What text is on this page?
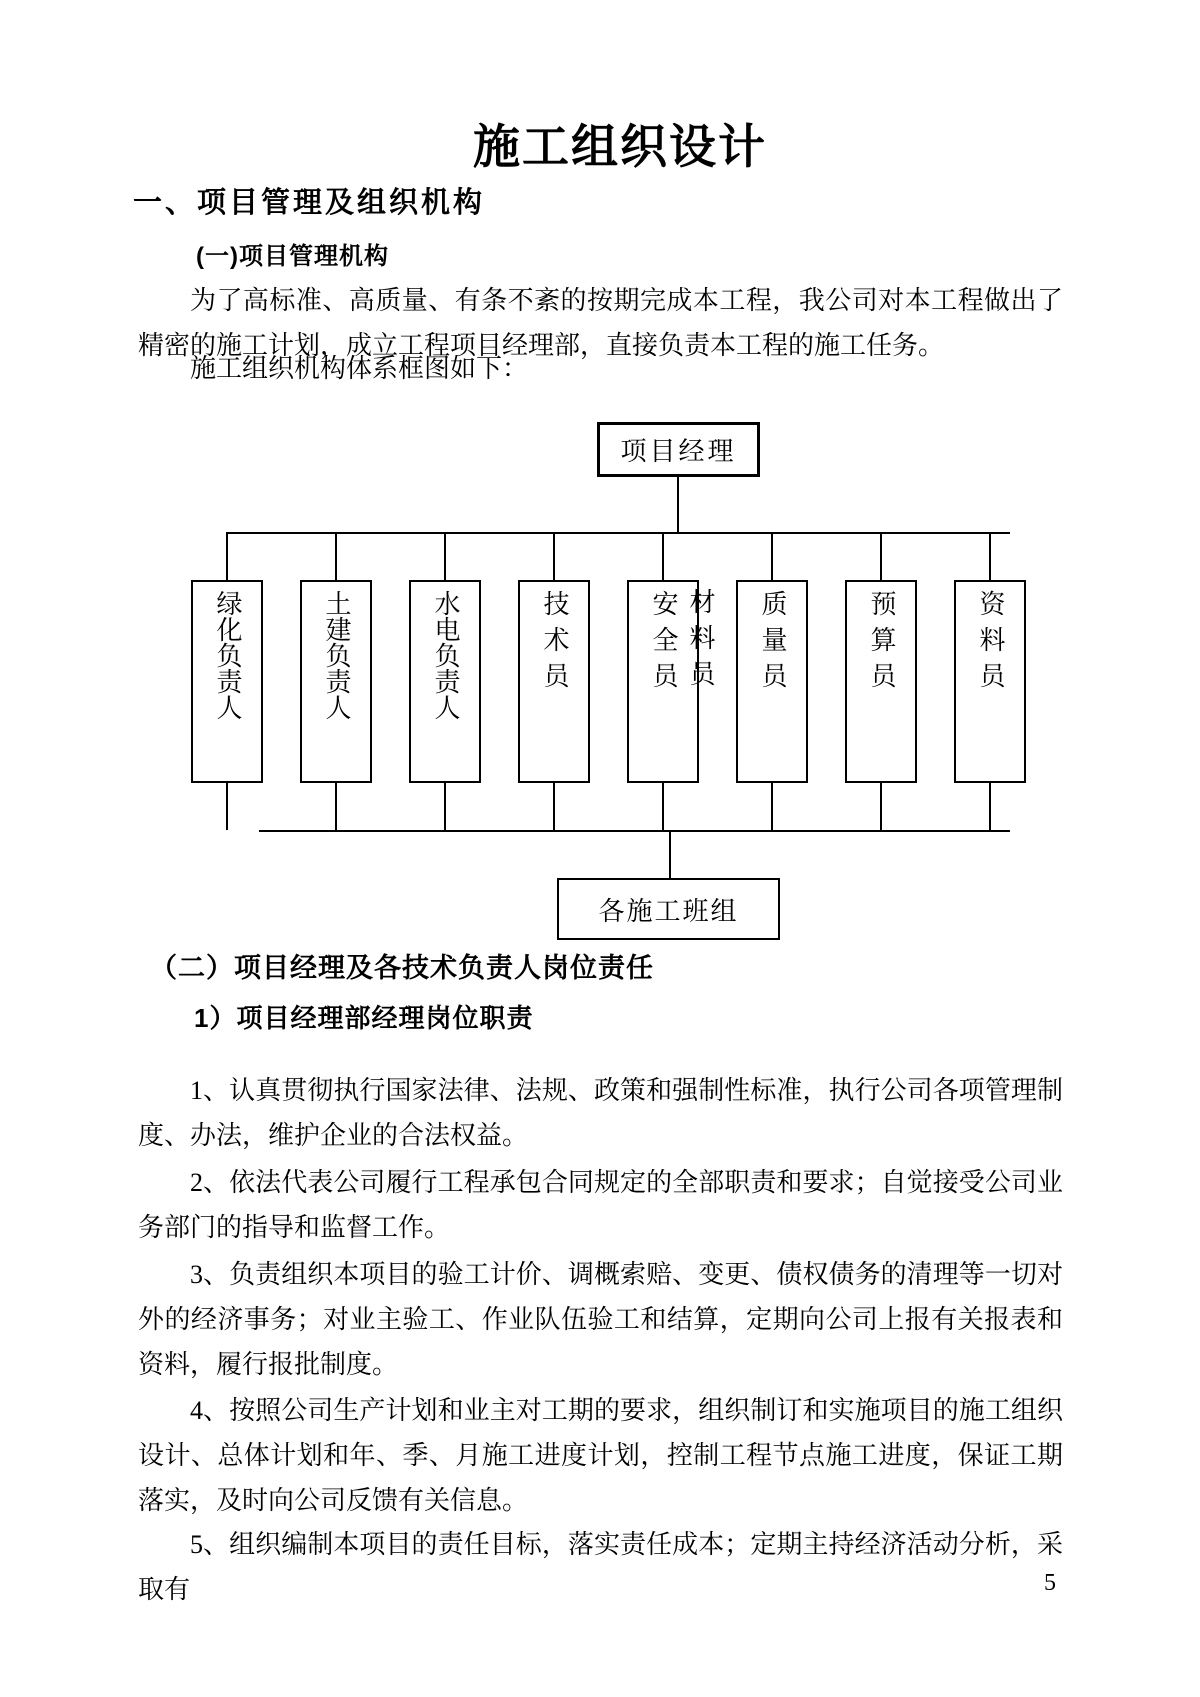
施工组织设计
一、项目管理及组织机构
(一)项目管理机构

为了高标准、高质量、有条不紊的按期完成本工程，我公司对本工程做出了精密的施工计划，成立工程项目经理部，直接负责本工程的施工任务。

施工组织机构体系框图如下：

项目经理
绿化负责人	土建负责人	水电负责人	技术员	安全员	质量员	预算员	资料员
材料员
各施工班组
（二）项目经理及各技术负责人岗位责任
1）项目经理部经理岗位职责

1、认真贯彻执行国家法律、法规、政策和强制性标准，执行公司各项管理制度、办法，维护企业的合法权益。

2、依法代表公司履行工程承包合同规定的全部职责和要求；自觉接受公司业务部门的指导和监督工作。

3、负责组织本项目的验工计价、调概索赔、变更、债权债务的清理等一切对外的经济事务；对业主验工、作业队伍验工和结算，定期向公司上报有关报表和资料，履行报批制度。

4、按照公司生产计划和业主对工期的要求，组织制订和实施项目的施工组织设计、总体计划和年、季、月施工进度计划，控制工程节点施工进度，保证工期落实，及时向公司反馈有关信息。

5、组织编制本项目的责任目标，落实责任成本；定期主持经济活动分析，采取有	5
